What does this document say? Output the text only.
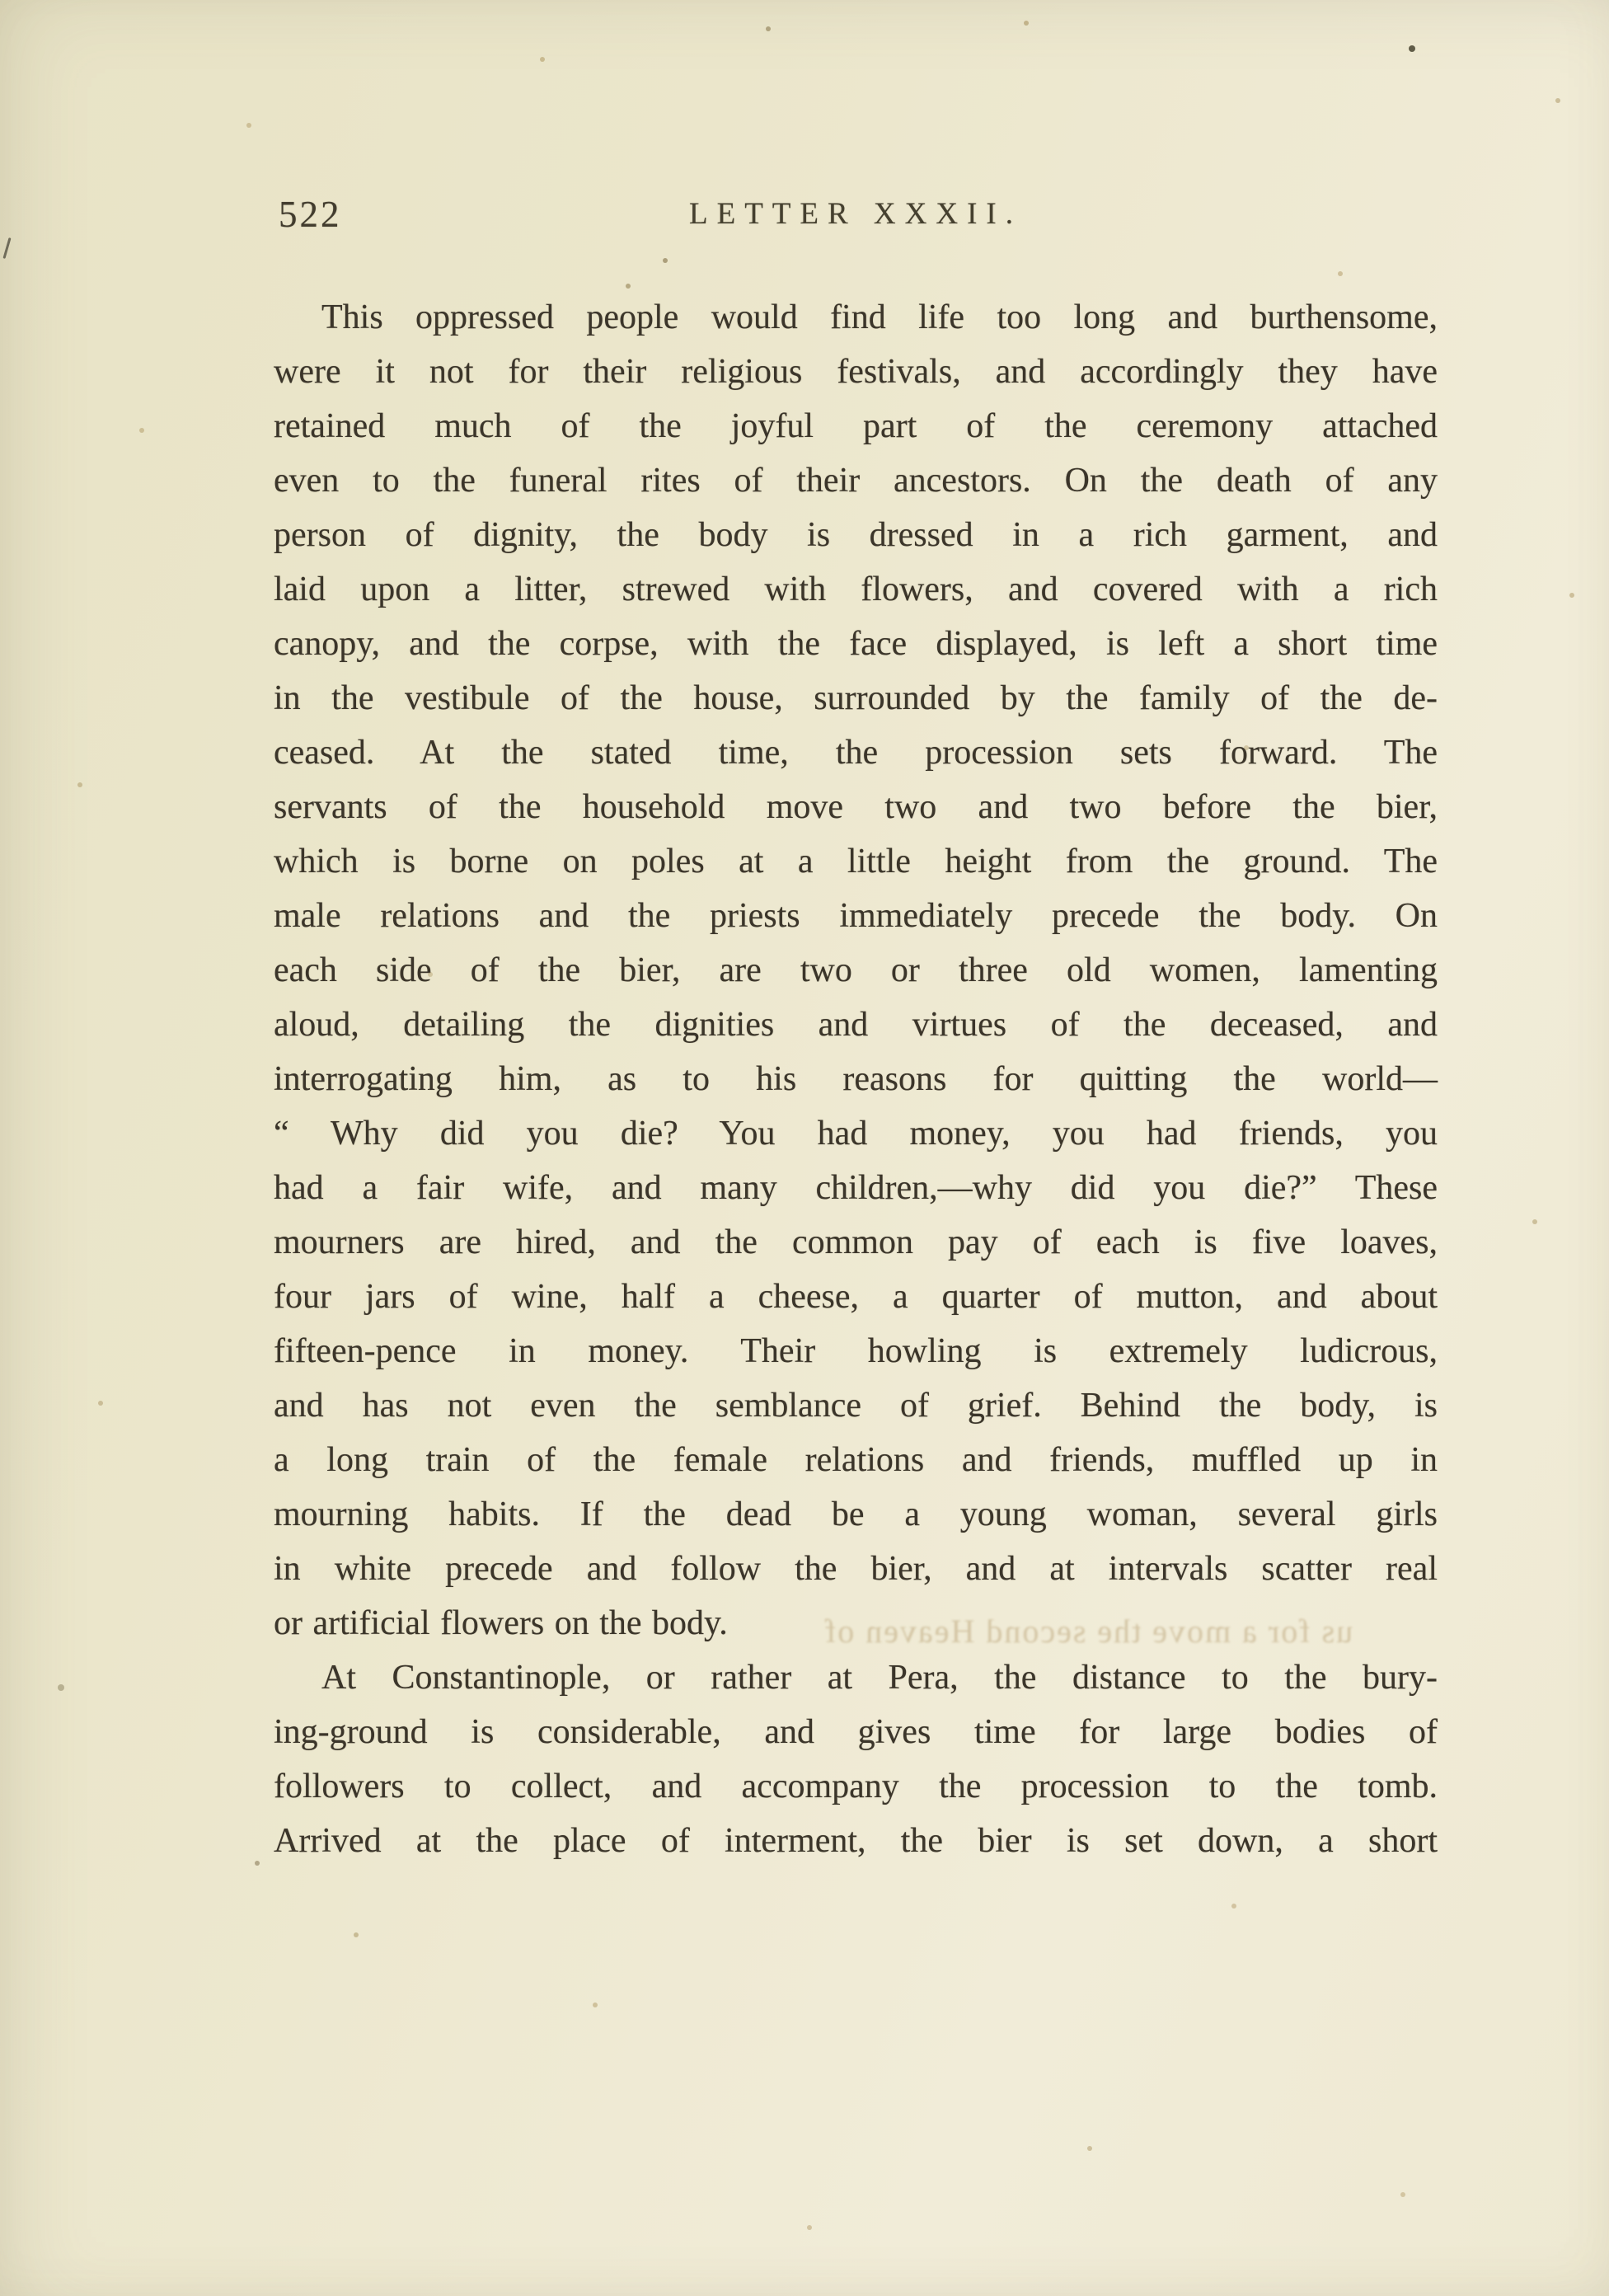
522	LETTER XXXII.
This oppressed people would find life too long and burthensome,
were it not for their religious festivals, and accordingly they have
retained much of the joyful part of the ceremony attached
even to the funeral rites of their ancestors. On the death of any
person of dignity, the body is dressed in a rich garment, and
laid upon a litter, strewed with flowers, and covered with a rich
canopy, and the corpse, with the face displayed, is left a short time
in the vestibule of the house, surrounded by the family of the de-
ceased. At the stated time, the procession sets forward. The
servants of the household move two and two before the bier,
which is borne on poles at a little height from the ground. The
male relations and the priests immediately precede the body. On
each side of the bier, are two or three old women, lamenting
aloud, detailing the dignities and virtues of the deceased, and
interrogating him, as to his reasons for quitting the world—
“ Why did you die? You had money, you had friends, you
had a fair wife, and many children,—why did you die?” These
mourners are hired, and the common pay of each is five loaves,
four jars of wine, half a cheese, a quarter of mutton, and about
fifteen-pence in money. Their howling is extremely ludicrous,
and has not even the semblance of grief. Behind the body, is
a long train of the female relations and friends, muffled up in
mourning habits. If the dead be a young woman, several girls
in white precede and follow the bier, and at intervals scatter real
or artificial flowers on the body.
At Constantinople, or rather at Pera, the distance to the bury-
ing-ground is considerable, and gives time for large bodies of
followers to collect, and accompany the procession to the tomb.
Arrived at the place of interment, the bier is set down, a short
us for a move the second Heaven of
